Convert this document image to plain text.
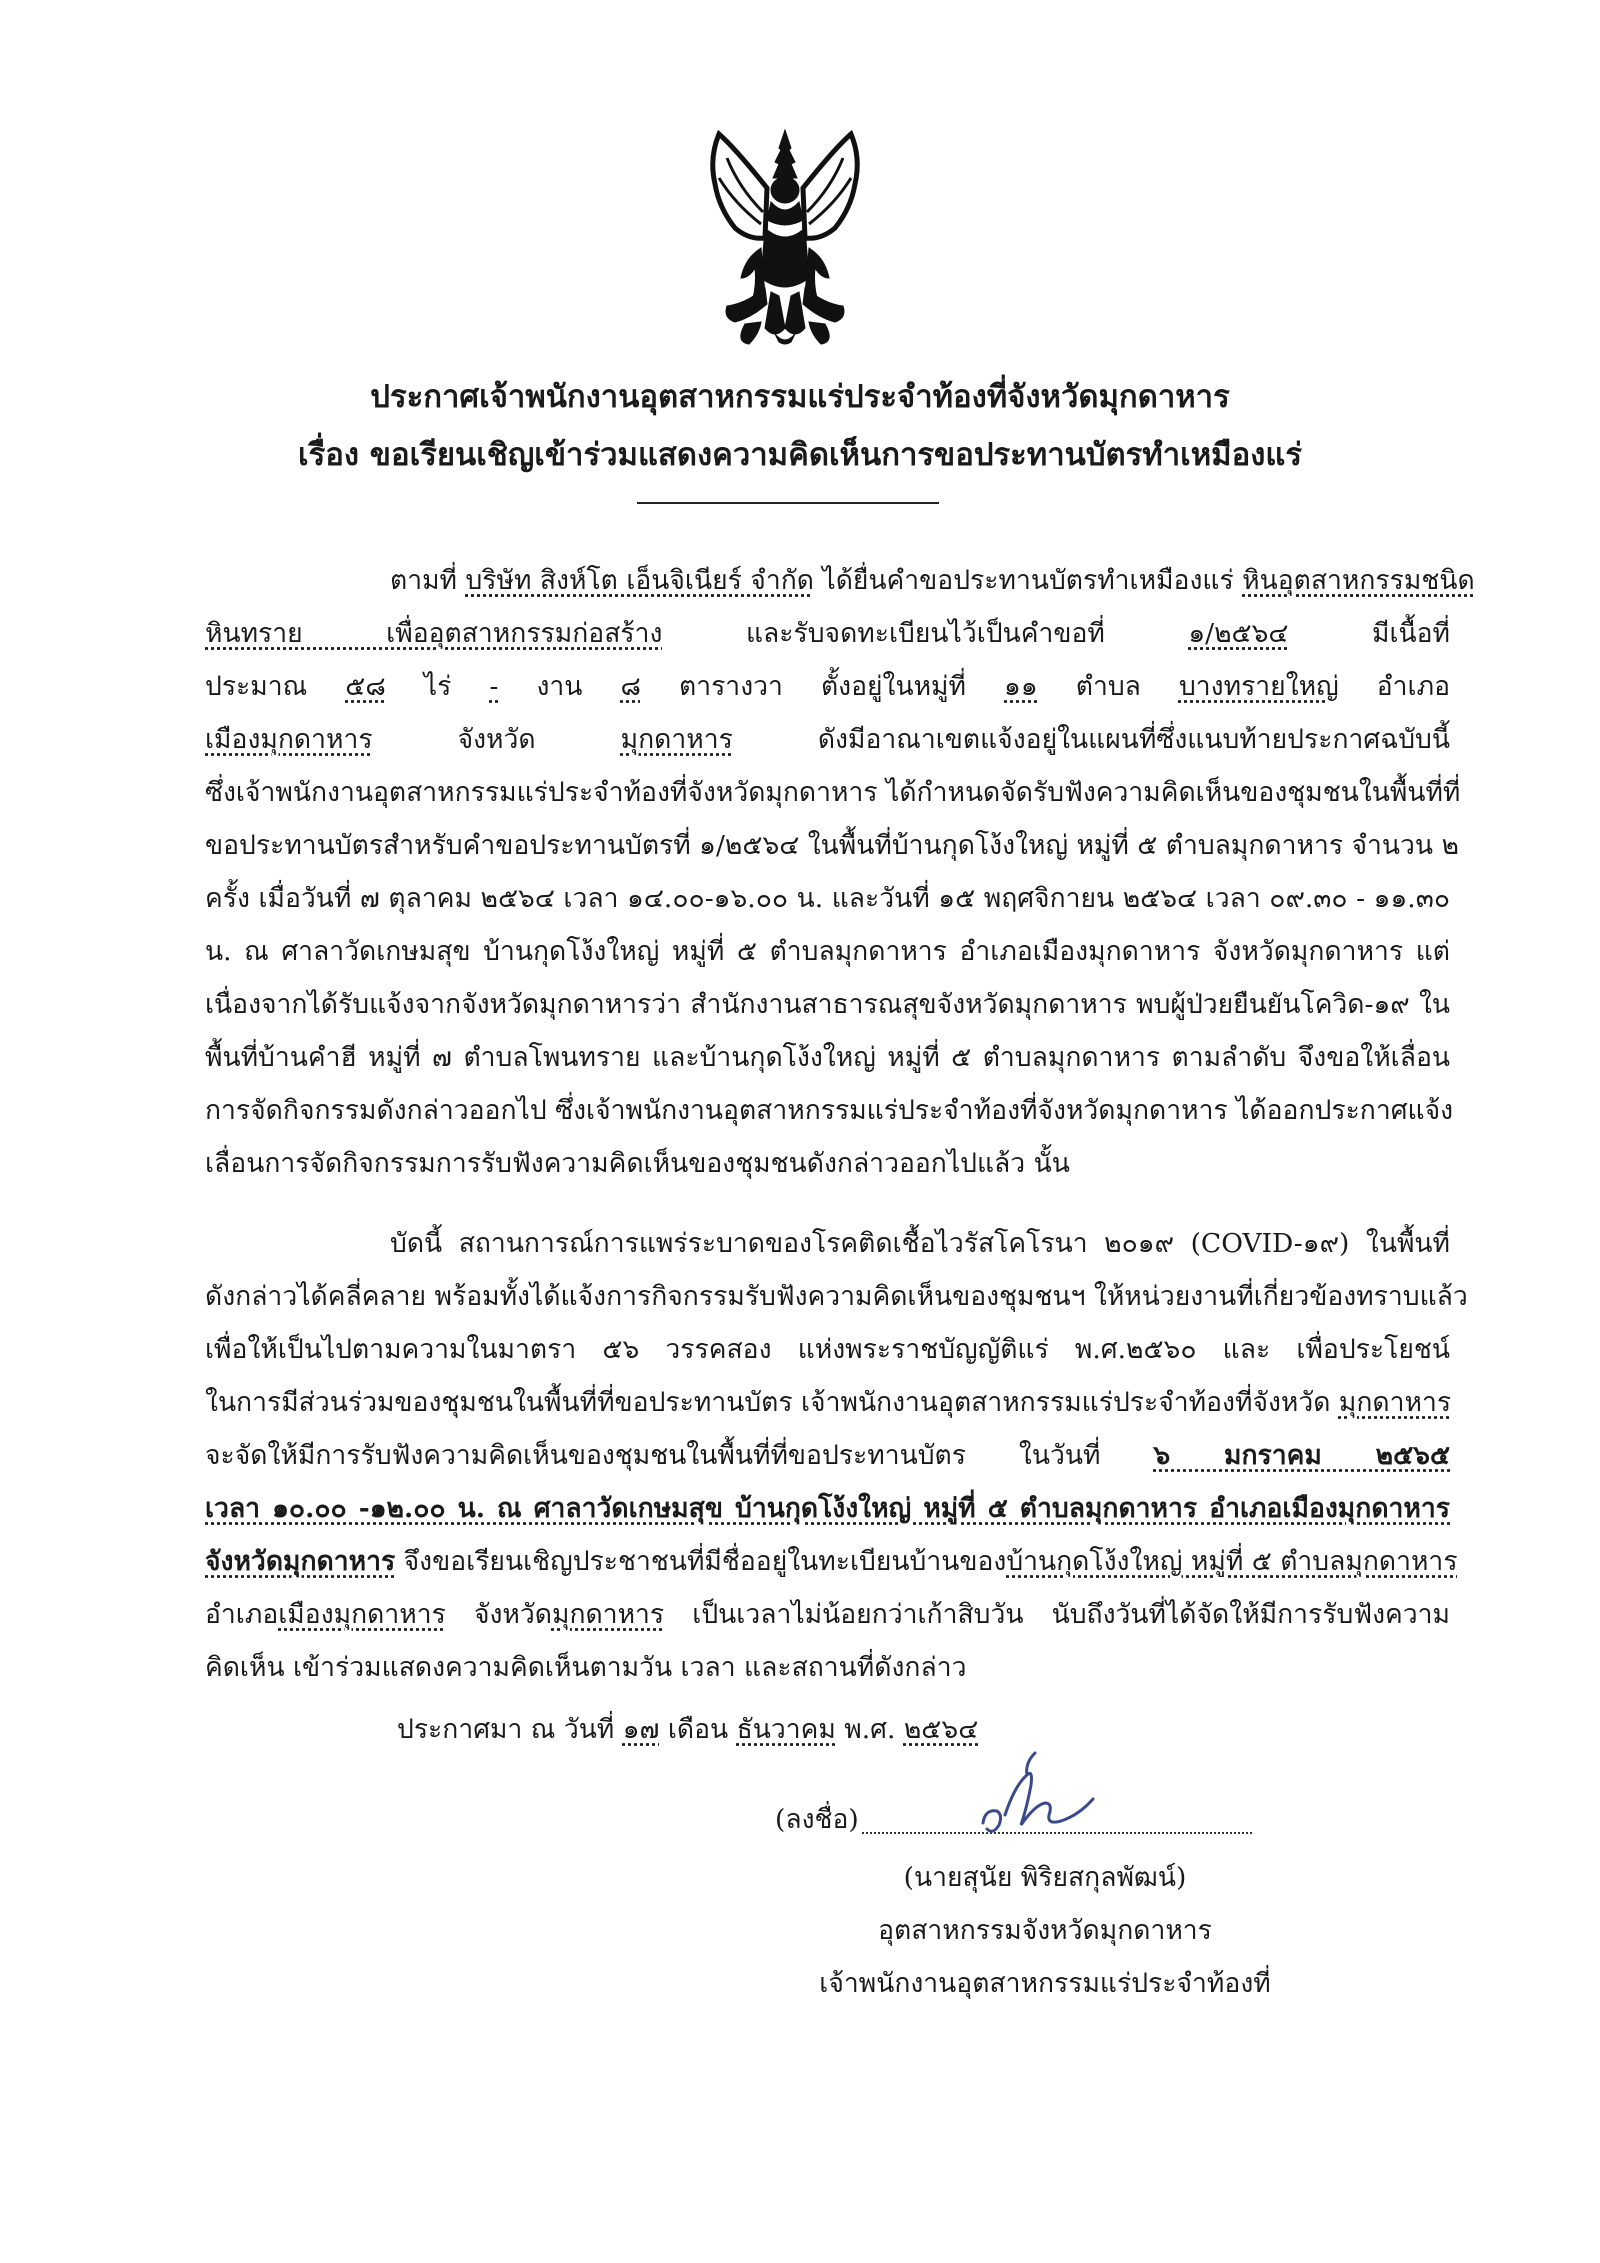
ประกาศเจ้าพนักงานอุตสาหกรรมแร่ประจำท้องที่จังหวัดมุกดาหาร
เรื่อง ขอเรียนเชิญเข้าร่วมแสดงความคิดเห็นการขอประทานบัตรทำเหมืองแร่
ตามที่ บริษัท สิงห์โต เอ็นจิเนียร์ จำกัด ได้ยื่นคำขอประทานบัตรทำเหมืองแร่ หินอุตสาหกรรมชนิด
หินทราย เพื่ออุตสาหกรรมก่อสร้าง และรับจดทะเบียนไว้เป็นคำขอที่ ๑/๒๕๖๔ มีเนื้อที่
ประมาณ ๕๘ ไร่ - งาน ๘ ตารางวา ตั้งอยู่ในหมู่ที่ ๑๑ ตำบล บางทรายใหญ่ อำเภอ
เมืองมุกดาหาร จังหวัด มุกดาหาร ดังมีอาณาเขตแจ้งอยู่ในแผนที่ซึ่งแนบท้ายประกาศฉบับนี้
ซึ่งเจ้าพนักงานอุตสาหกรรมแร่ประจำท้องที่จังหวัดมุกดาหาร ได้กำหนดจัดรับฟังความคิดเห็นของชุมชนในพื้นที่ที่
ขอประทานบัตรสำหรับคำขอประทานบัตรที่ ๑/๒๕๖๔ ในพื้นที่บ้านกุดโง้งใหญ่ หมู่ที่ ๕ ตำบลมุกดาหาร จำนวน ๒
ครั้ง เมื่อวันที่ ๗ ตุลาคม ๒๕๖๔ เวลา ๑๔.๐๐-๑๖.๐๐ น. และวันที่ ๑๕ พฤศจิกายน ๒๕๖๔ เวลา ๐๙.๓๐ - ๑๑.๓๐
น. ณ ศาลาวัดเกษมสุข บ้านกุดโง้งใหญ่ หมู่ที่ ๕ ตำบลมุกดาหาร อำเภอเมืองมุกดาหาร จังหวัดมุกดาหาร แต่
เนื่องจากได้รับแจ้งจากจังหวัดมุกดาหารว่า สำนักงานสาธารณสุขจังหวัดมุกดาหาร พบผู้ป่วยยืนยันโควิด-๑๙ ใน
พื้นที่บ้านคำฮี หมู่ที่ ๗ ตำบลโพนทราย และบ้านกุดโง้งใหญ่ หมู่ที่ ๕ ตำบลมุกดาหาร ตามลำดับ จึงขอให้เลื่อน
การจัดกิจกรรมดังกล่าวออกไป ซึ่งเจ้าพนักงานอุตสาหกรรมแร่ประจำท้องที่จังหวัดมุกดาหาร ได้ออกประกาศแจ้ง
เลื่อนการจัดกิจกรรมการรับฟังความคิดเห็นของชุมชนดังกล่าวออกไปแล้ว นั้น
บัดนี้ สถานการณ์การแพร่ระบาดของโรคติดเชื้อไวรัสโคโรนา ๒๐๑๙ (COVID-๑๙) ในพื้นที่
ดังกล่าวได้คลี่คลาย พร้อมทั้งได้แจ้งการกิจกรรมรับฟังความคิดเห็นของชุมชนฯ ให้หน่วยงานที่เกี่ยวข้องทราบแล้ว
เพื่อให้เป็นไปตามความในมาตรา ๕๖ วรรคสอง แห่งพระราชบัญญัติแร่ พ.ศ.๒๕๖๐ และ เพื่อประโยชน์
ในการมีส่วนร่วมของชุมชนในพื้นที่ที่ขอประทานบัตร เจ้าพนักงานอุตสาหกรรมแร่ประจำท้องที่จังหวัด มุกดาหาร
จะจัดให้มีการรับฟังความคิดเห็นของชุมชนในพื้นที่ที่ขอประทานบัตร ในวันที่ ๖ มกราคม ๒๕๖๕
เวลา ๑๐.๐๐ -๑๒.๐๐ น. ณ ศาลาวัดเกษมสุข บ้านกุดโง้งใหญ่ หมู่ที่ ๕ ตำบลมุกดาหาร อำเภอเมืองมุกดาหาร
จังหวัดมุกดาหาร จึงขอเรียนเชิญประชาชนที่มีชื่ออยู่ในทะเบียนบ้านของบ้านกุดโง้งใหญ่ หมู่ที่ ๕ ตำบลมุกดาหาร
อำเภอเมืองมุกดาหาร จังหวัดมุกดาหาร เป็นเวลาไม่น้อยกว่าเก้าสิบวัน นับถึงวันที่ได้จัดให้มีการรับฟังความ
คิดเห็น เข้าร่วมแสดงความคิดเห็นตามวัน เวลา และสถานที่ดังกล่าว
ประกาศมา ณ วันที่ ๑๗ เดือน ธันวาคม พ.ศ. ๒๕๖๔
(ลงชื่อ)
(นายสุนัย พิริยสกุลพัฒน์)
อุตสาหกรรมจังหวัดมุกดาหาร
เจ้าพนักงานอุตสาหกรรมแร่ประจำท้องที่
